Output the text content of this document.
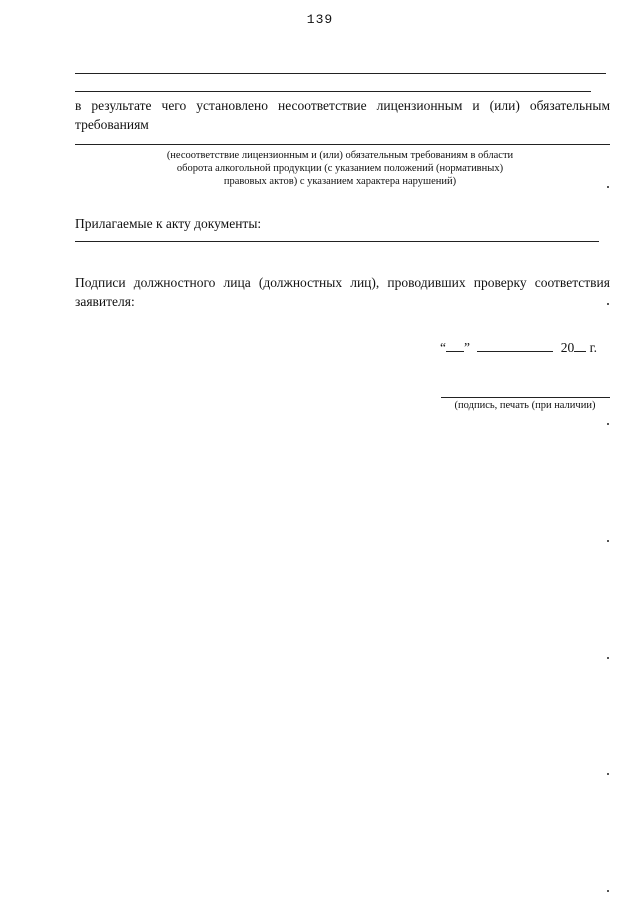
139
в результате чего установлено несоответствие лицензионным и (или) обязательным требованиям
(несоответствие лицензионным и (или) обязательным требованиям в области
оборота алкогольной продукции (с указанием положений (нормативных)
правовых актов) с указанием характера нарушений)
Прилагаемые к акту документы:
Подписи должностного лица (должностных лиц), проводивших проверку соответствия заявителя:
“ ”	20 г.
(подпись, печать (при наличии)
